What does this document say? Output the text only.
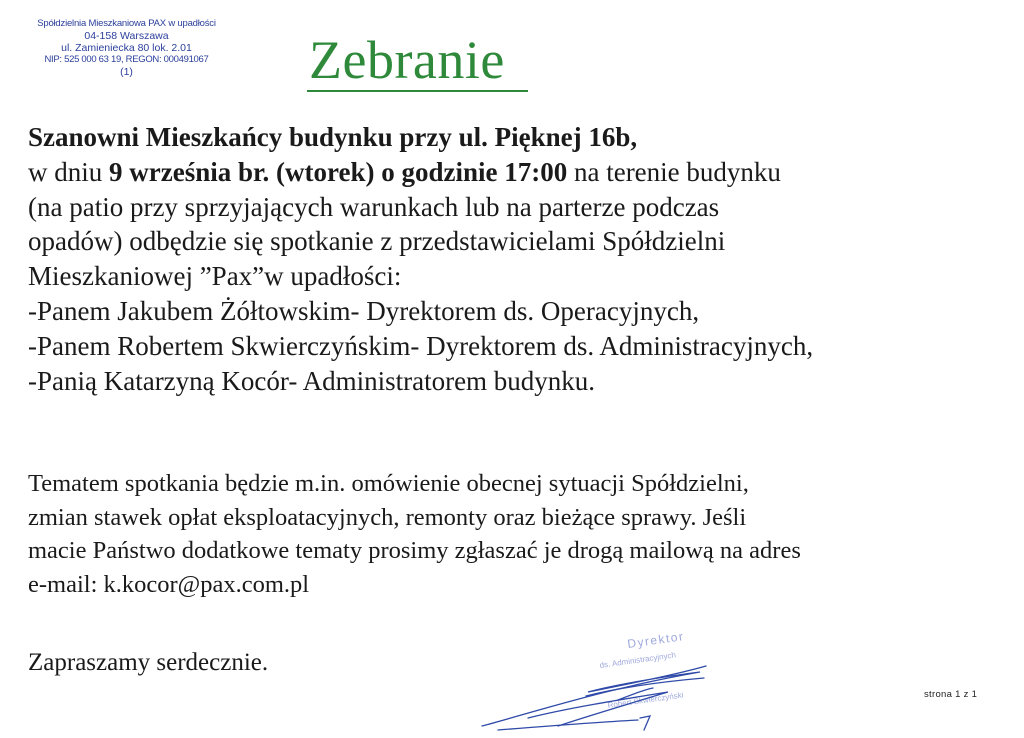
Spółdzielnia Mieszkaniowa PAX w upadłości
04-158 Warszawa
ul. Zamieniecka 80 lok. 2.01
NIP: 525 000 63 19, REGON: 000491067
(1)	Zebranie
Szanowni Mieszkańcy budynku przy ul. Pięknej 16b,
w dniu 9 września br. (wtorek) o godzinie 17:00 na terenie budynku
(na patio przy sprzyjających warunkach lub na parterze podczas
opadów) odbędzie się spotkanie z przedstawicielami Spółdzielni
Mieszkaniowej ”Pax”w upadłości:
-Panem Jakubem Żółtowskim- Dyrektorem ds. Operacyjnych,
-Panem Robertem Skwierczyńskim- Dyrektorem ds. Administracyjnych,
-Panią Katarzyną Kocór- Administratorem budynku.
Tematem spotkania będzie m.in. omówienie obecnej sytuacji Spółdzielni,
zmian stawek opłat eksploatacyjnych, remonty oraz bieżące sprawy. Jeśli
macie Państwo dodatkowe tematy prosimy zgłaszać je drogą mailową na adres
e-mail: k.kocor@pax.com.pl
Zapraszamy serdecznie.
Dyrektor
ds. Administracyjnych
Robert Skwierczyński	strona 1 z 1
